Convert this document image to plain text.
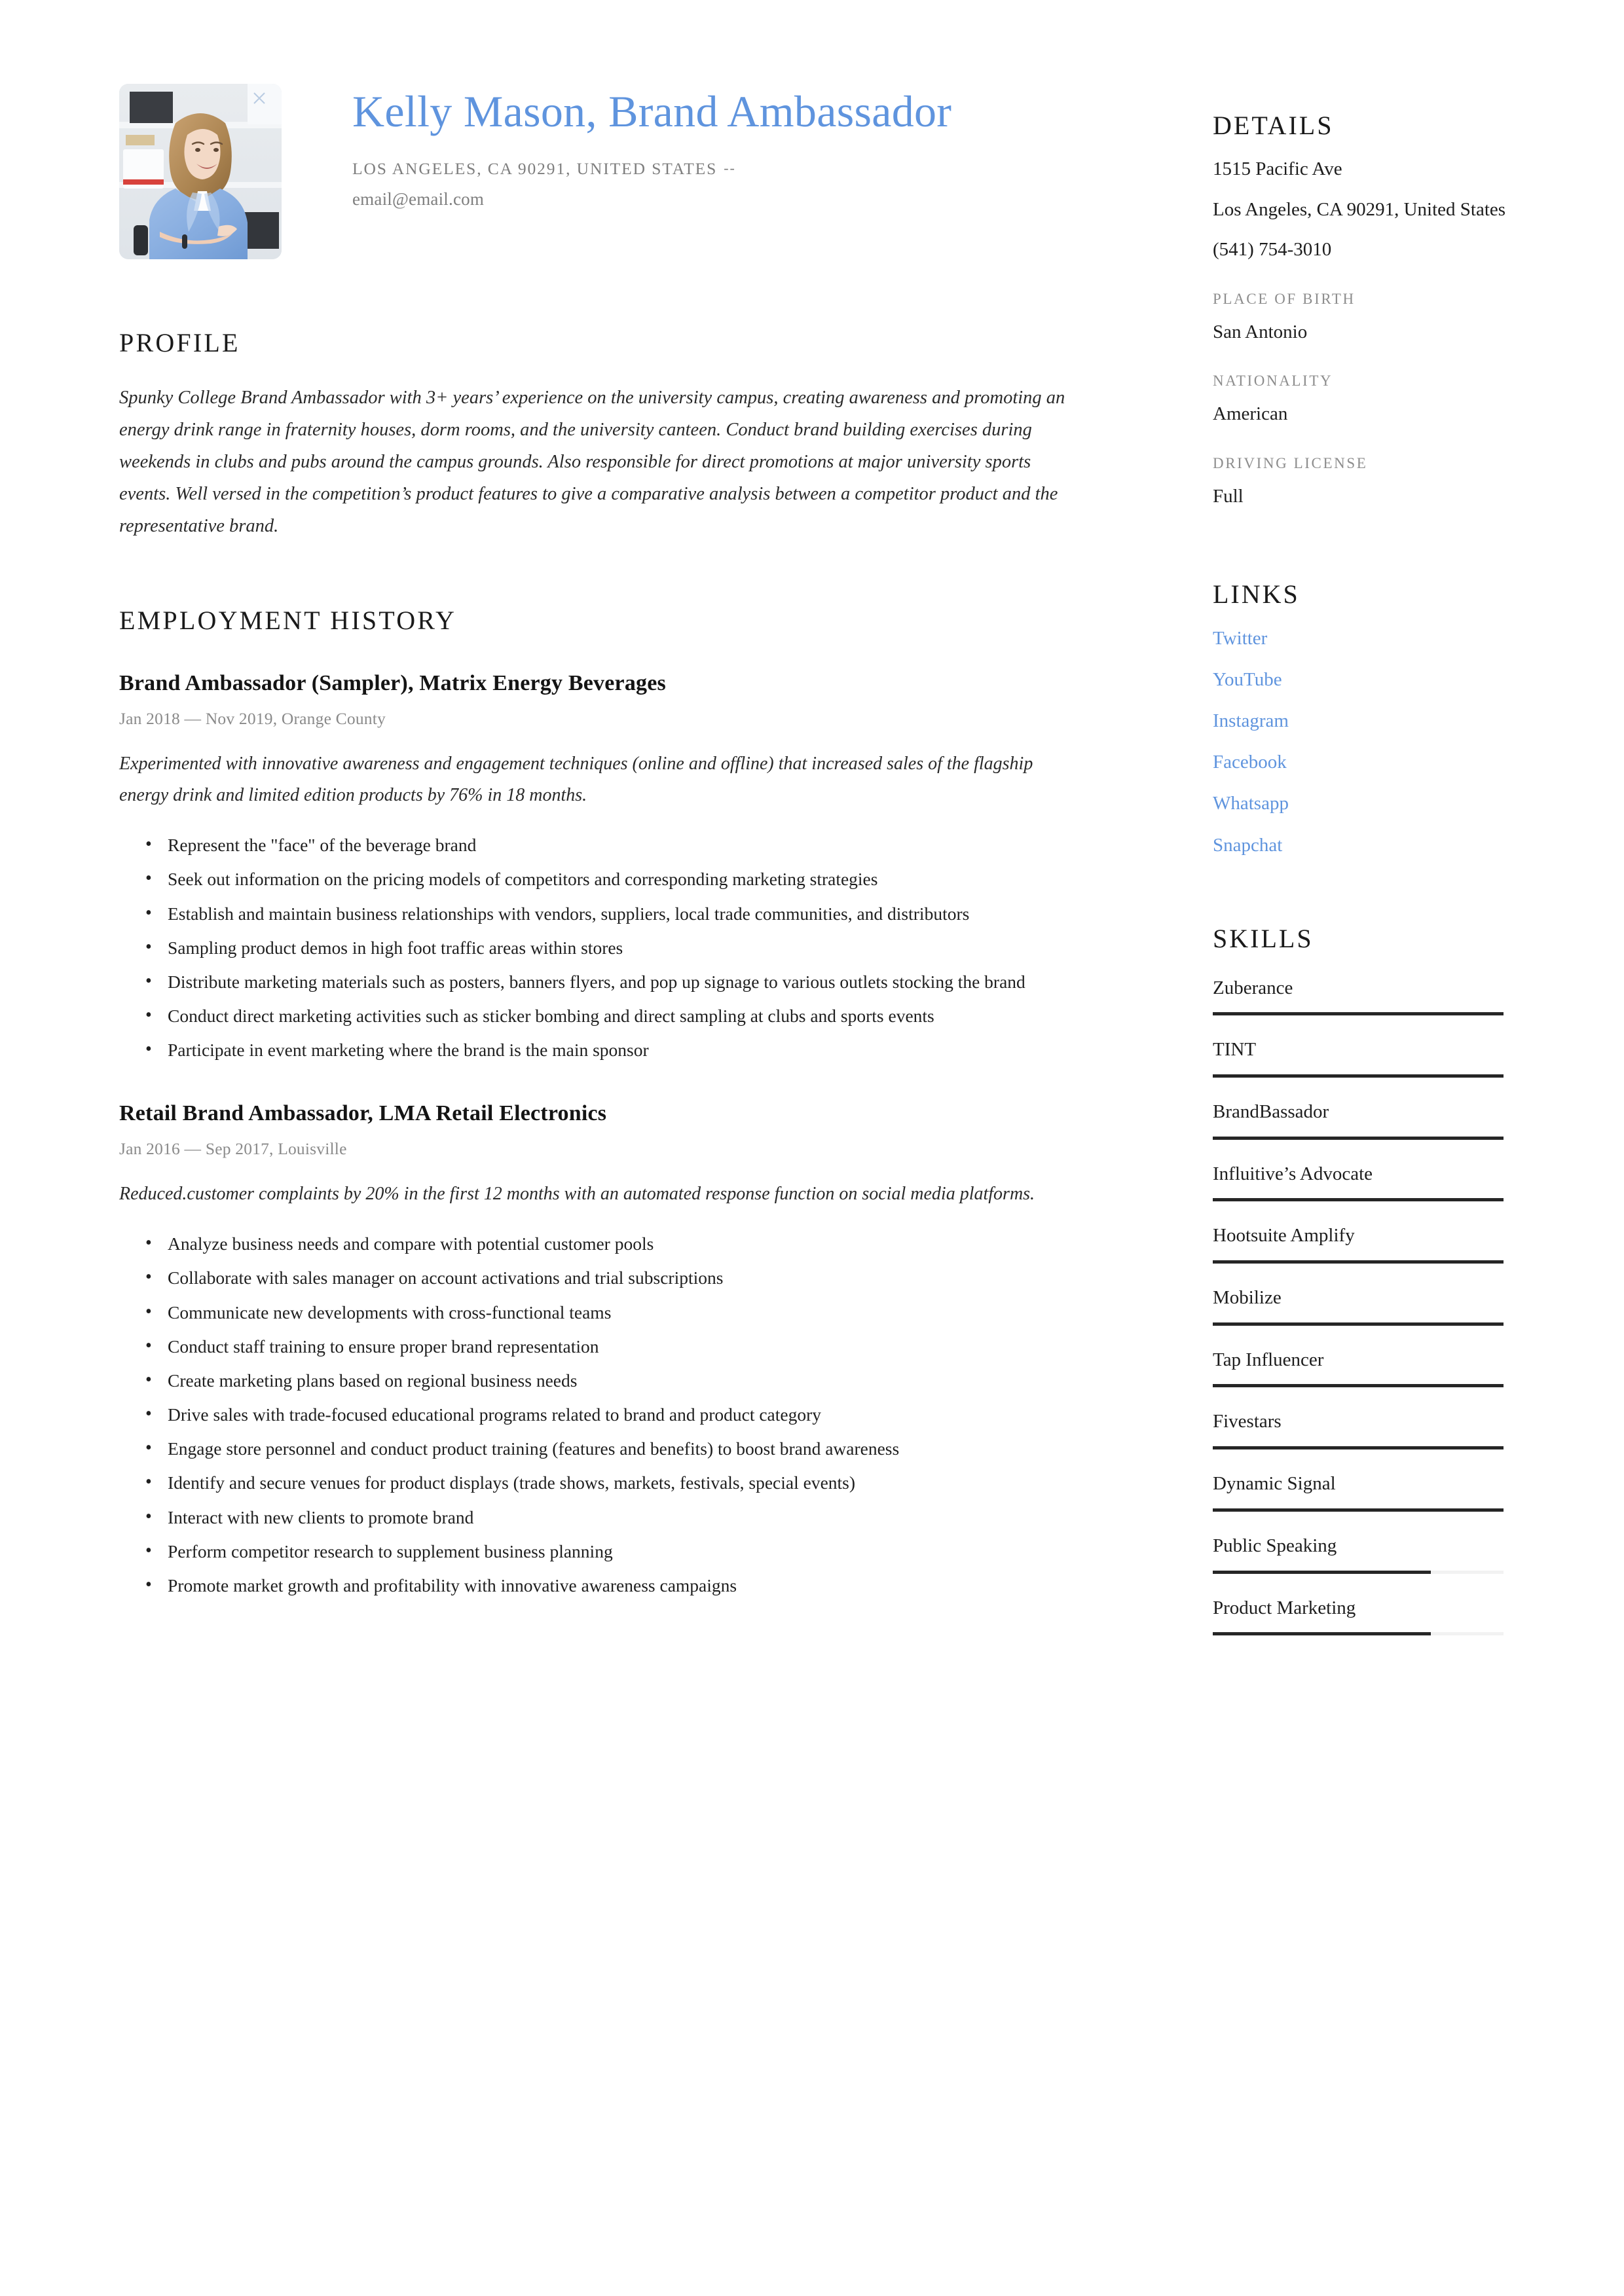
Kelly Mason, Brand Ambassador
LOS ANGELES, CA 90291, UNITED STATES --
email@email.com
PROFILE

Spunky College Brand Ambassador with 3+ years’ experience on the university campus, creating awareness and promoting an energy drink range in fraternity houses, dorm rooms, and the university canteen. Conduct brand building exercises during weekends in clubs and pubs around the campus grounds. Also responsible for direct promotions at major university sports events. Well versed in the competition’s product features to give a comparative analysis between a competitor product and the representative brand.

EMPLOYMENT HISTORY
Brand Ambassador (Sampler), Matrix Energy Beverages
Jan 2018 — Nov 2019, Orange County

Experimented with innovative awareness and engagement techniques (online and offline) that increased sales of the flagship energy drink and limited edition products by 76% in 18 months.

• Represent the "face" of the beverage brand
• Seek out information on the pricing models of competitors and corresponding marketing strategies
• Establish and maintain business relationships with vendors, suppliers, local trade communities, and distributors
• Sampling product demos in high foot traffic areas within stores
• Distribute marketing materials such as posters, banners flyers, and pop up signage to various outlets stocking the brand
• Conduct direct marketing activities such as sticker bombing and direct sampling at clubs and sports events
• Participate in event marketing where the brand is the main sponsor
Retail Brand Ambassador, LMA Retail Electronics
Jan 2016 — Sep 2017, Louisville

Reduced.customer complaints by 20% in the first 12 months with an automated response function on social media platforms.

• Analyze business needs and compare with potential customer pools
• Collaborate with sales manager on account activations and trial subscriptions
• Communicate new developments with cross-functional teams
• Conduct staff training to ensure proper brand representation
• Create marketing plans based on regional business needs
• Drive sales with trade-focused educational programs related to brand and product category
• Engage store personnel and conduct product training (features and benefits) to boost brand awareness
• Identify and secure venues for product displays (trade shows, markets, festivals, special events)
• Interact with new clients to promote brand
• Perform competitor research to supplement business planning
• Promote market growth and profitability with innovative awareness campaigns
DETAILS
1515 Pacific Ave
Los Angeles, CA 90291, United States
(541) 754-3010
PLACE OF BIRTH
San Antonio
NATIONALITY
American
DRIVING LICENSE
Full
LINKS
Twitter
YouTube
Instagram
Facebook
Whatsapp
Snapchat
SKILLS
Zuberance
TINT
BrandBassador
Influitive’s Advocate
Hootsuite Amplify
Mobilize
Tap Influencer
Fivestars
Dynamic Signal
Public Speaking
Product Marketing
